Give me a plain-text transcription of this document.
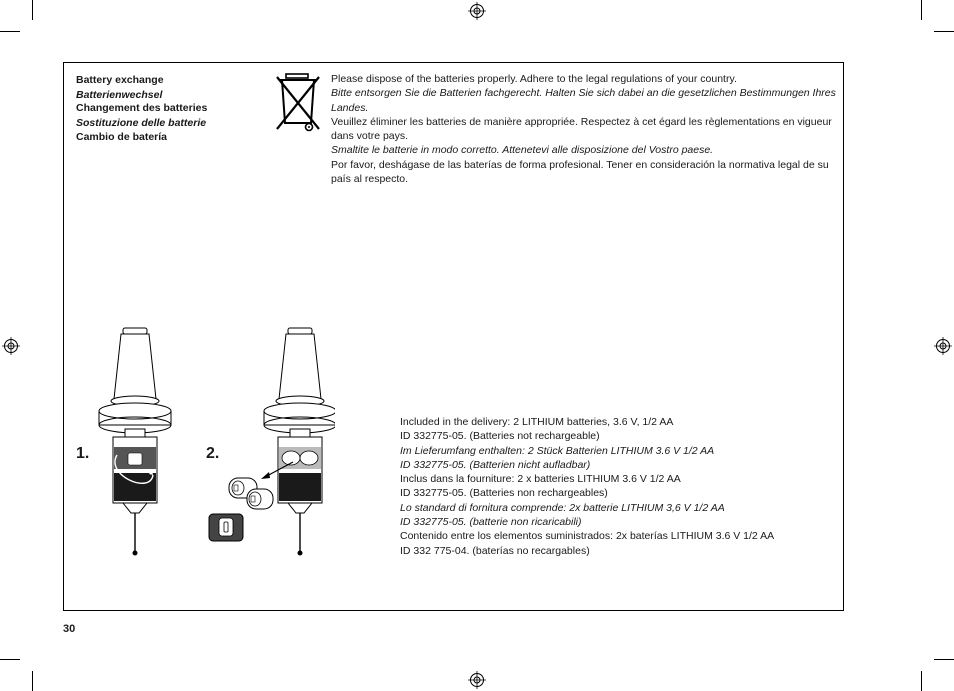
Battery exchange
Batterienwechsel
Changement des batteries
Sostituzione delle batterie
Cambio de batería

Please dispose of the batteries properly. Adhere to the legal regulations of your country.

Bitte entsorgen Sie die Batterien fachgerecht. Halten Sie sich dabei an die gesetzlichen Bestimmungen Ihres Landes.

Veuillez éliminer les batteries de manière appropriée. Respectez à cet égard les règlementations en vigueur dans votre pays.

Smaltite le batterie in modo corretto. Attenetevi alle disposizione del Vostro paese.

Por favor, deshágase de las baterías de forma profesional. Tener en consideración la normativa legal de su país al respecto.

1.	2.

Included in the delivery: 2 LITHIUM batteries, 3.6 V, 1/2 AA

ID 332775-05. (Batteries not rechargeable)

Im Lieferumfang enthalten: 2 Stück Batterien LITHIUM 3.6 V 1/2 AA

ID 332775-05. (Batterien nicht aufladbar)

Inclus dans la fourniture: 2 x batteries LITHIUM 3.6 V 1/2 AA

ID 332775-05. (Batteries non rechargeables)

Lo standard di fornitura comprende: 2x batterie LITHIUM 3,6 V 1/2 AA

ID 332775-05. (batterie non ricaricabili)

Contenido entre los elementos suministrados: 2x baterías LITHIUM 3.6 V 1/2 AA

ID 332 775-04. (baterías no recargables)

30
